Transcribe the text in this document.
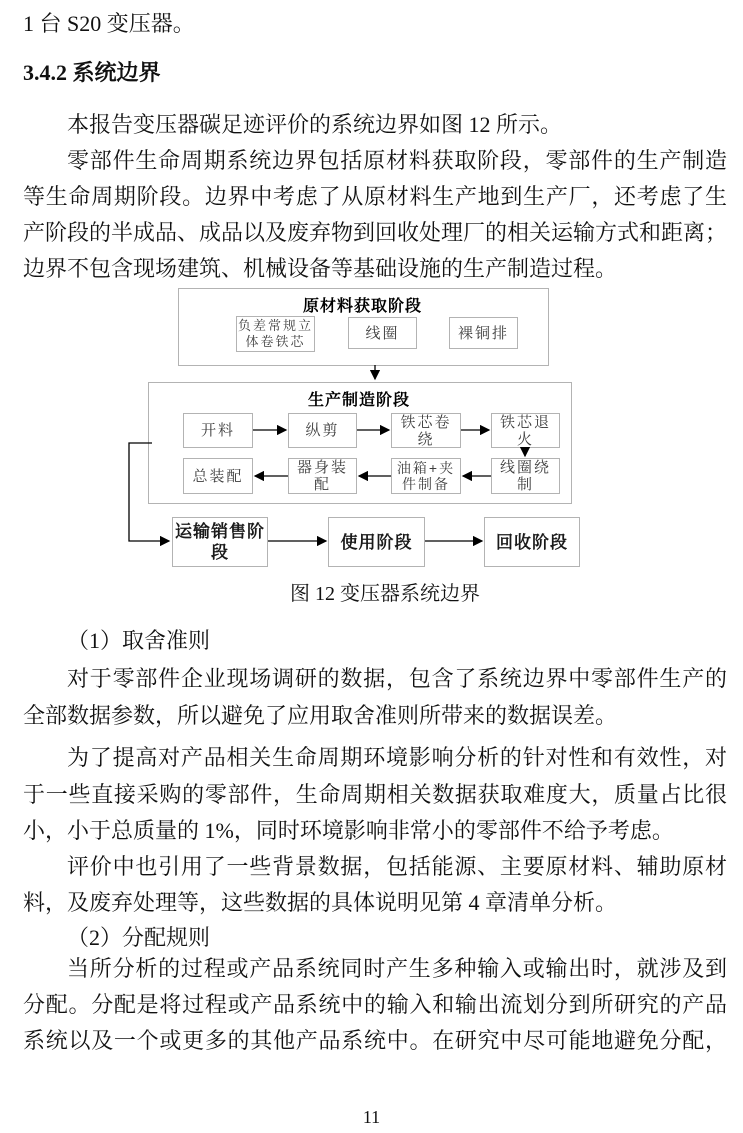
1 台 S20 变压器。
3.4.2 系统边界
本报告变压器碳足迹评价的系统边界如图 12 所示。
零部件生命周期系统边界包括原材料获取阶段，零部件的生产制造
等生命周期阶段。边界中考虑了从原材料生产地到生产厂，还考虑了生
产阶段的半成品、成品以及废弃物到回收处理厂的相关运输方式和距离；
边界不包含现场建筑、机械设备等基础设施的生产制造过程。
原材料获取阶段
负差常规立体卷铁芯	线圈	裸铜排
生产制造阶段
开料	纵剪	铁芯卷绕
铁芯退火
总装配	器身装配
油箱+夹件制备
线圈绕制
运输销售阶段
使用阶段	回收阶段
图 12 变压器系统边界
（1）取舍准则
对于零部件企业现场调研的数据，包含了系统边界中零部件生产的
全部数据参数，所以避免了应用取舍准则所带来的数据误差。
为了提高对产品相关生命周期环境影响分析的针对性和有效性，对
于一些直接采购的零部件，生命周期相关数据获取难度大，质量占比很
小，小于总质量的 1%，同时环境影响非常小的零部件不给予考虑。
评价中也引用了一些背景数据，包括能源、主要原材料、辅助原材
料，及废弃处理等，这些数据的具体说明见第 4 章清单分析。
（2）分配规则
当所分析的过程或产品系统同时产生多种输入或输出时，就涉及到
分配。分配是将过程或产品系统中的输入和输出流划分到所研究的产品
系统以及一个或更多的其他产品系统中。在研究中尽可能地避免分配，
11
